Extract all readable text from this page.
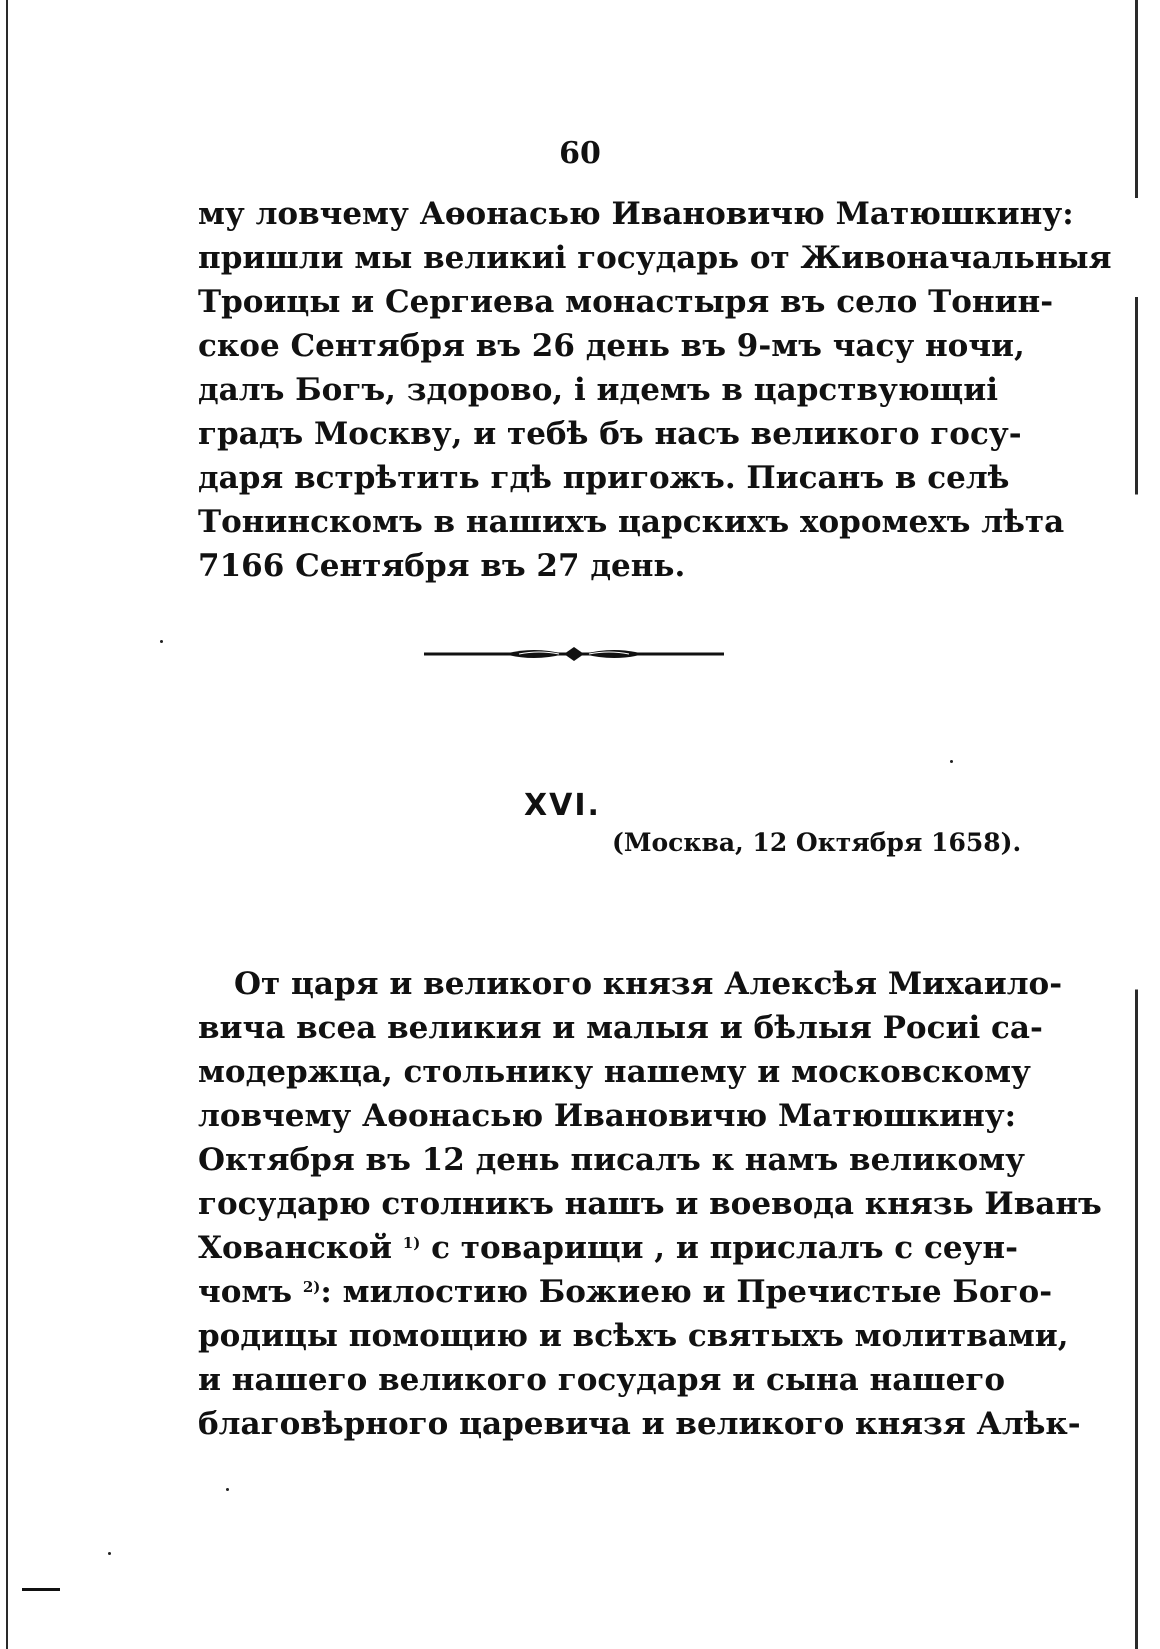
60
му ловчему Аөонасью Ивановичю Матюшкину:
пришли мы великиі государь от Живоначальныя
Троицы и Сергиева монастыря въ село Тонин-
ское Сентября въ 26 день въ 9-мъ часу ночи,
далъ Богъ, здорово, і идемъ в царствующиі
градъ Москву, и тебѣ бъ насъ великого госу-
даря встрѣтить гдѣ пригожъ. Писанъ в селѣ
Тонинскомъ в нашихъ царскихъ хоромехъ лѣта
7166 Сентября въ 27 день.
XVI.
(Москва, 12 Октября 1658).
От царя и великого князя Алексѣя Михаило-
вича всеа великия и малыя и бѣлыя Росиі са-
модержца, стольнику нашему и московскому
ловчему Аөонасью Ивановичю Матюшкину:
Октября въ 12 день писалъ к намъ великому
государю столникъ нашъ и воевода князь Иванъ
Хованской $^{1)}$ с товарищи , и прислалъ с сеун-
чомъ $^{2)}$: милостию Божиею и Пречистые Бого-
родицы помощию и всѣхъ святыхъ молитвами,
и нашего великого государя и сына нашего
благовѣрного царевича и великого князя Алѣк-
